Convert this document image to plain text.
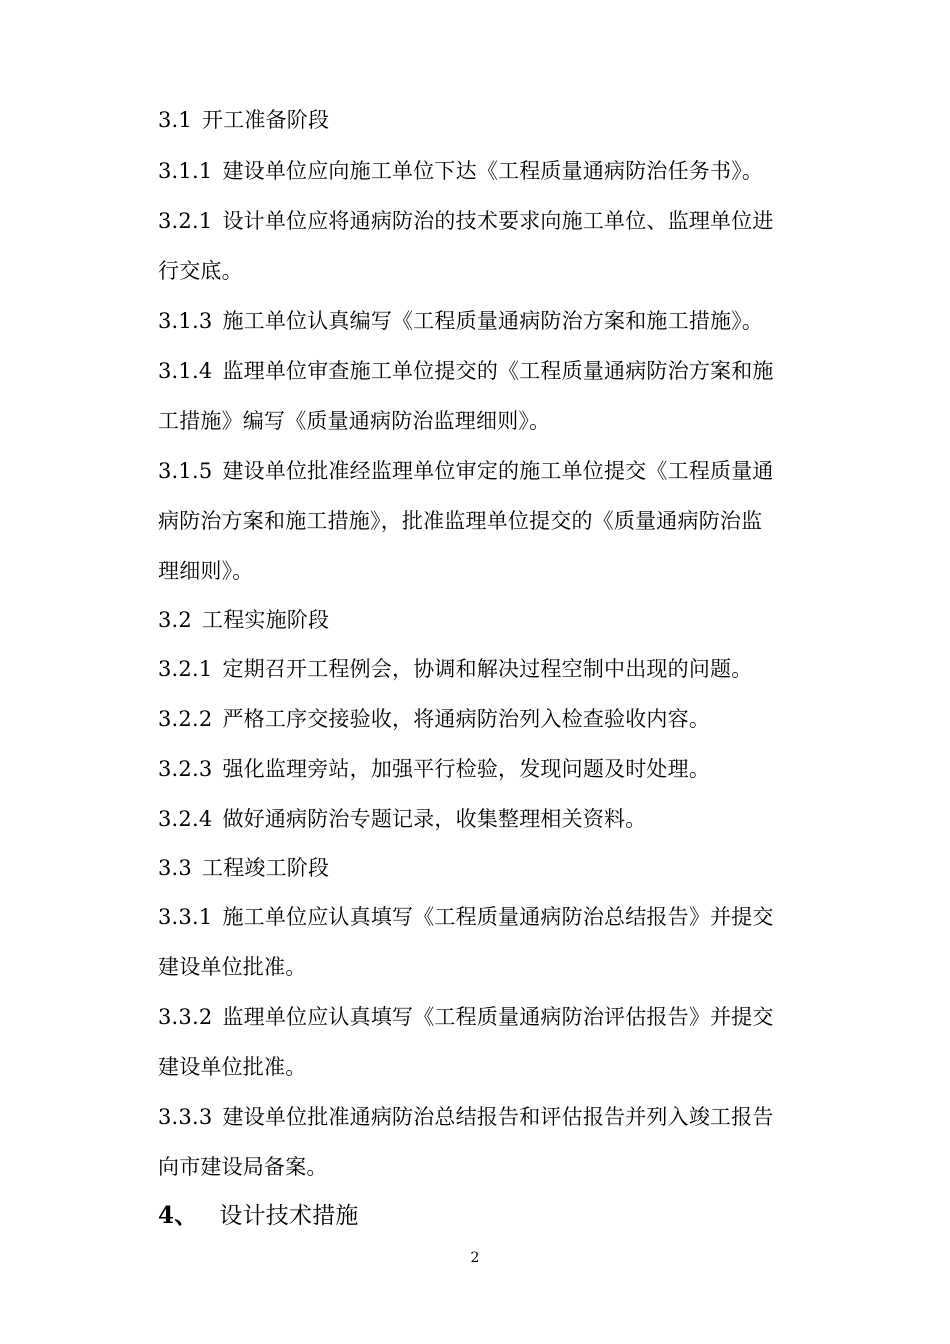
3.1 开工准备阶段
3.1.1 建设单位应向施工单位下达《工程质量通病防治任务书》。
3.2.1 设计单位应将通病防治的技术要求向施工单位、监理单位进
行交底。
3.1.3 施工单位认真编写《工程质量通病防治方案和施工措施》。
3.1.4 监理单位审查施工单位提交的《工程质量通病防治方案和施
工措施》编写《质量通病防治监理细则》。
3.1.5 建设单位批准经监理单位审定的施工单位提交《工程质量通
病防治方案和施工措施》，批准监理单位提交的《质量通病防治监
理细则》。
3.2 工程实施阶段
3.2.1 定期召开工程例会，协调和解决过程空制中出现的问题。
3.2.2 严格工序交接验收，将通病防治列入检查验收内容。
3.2.3 强化监理旁站，加强平行检验，发现问题及时处理。
3.2.4 做好通病防治专题记录，收集整理相关资料。
3.3 工程竣工阶段
3.3.1 施工单位应认真填写《工程质量通病防治总结报告》并提交
建设单位批准。
3.3.2 监理单位应认真填写《工程质量通病防治评估报告》并提交
建设单位批准。
3.3.3 建设单位批准通病防治总结报告和评估报告并列入竣工报告
向市建设局备案。
4、 设计技术措施
2
